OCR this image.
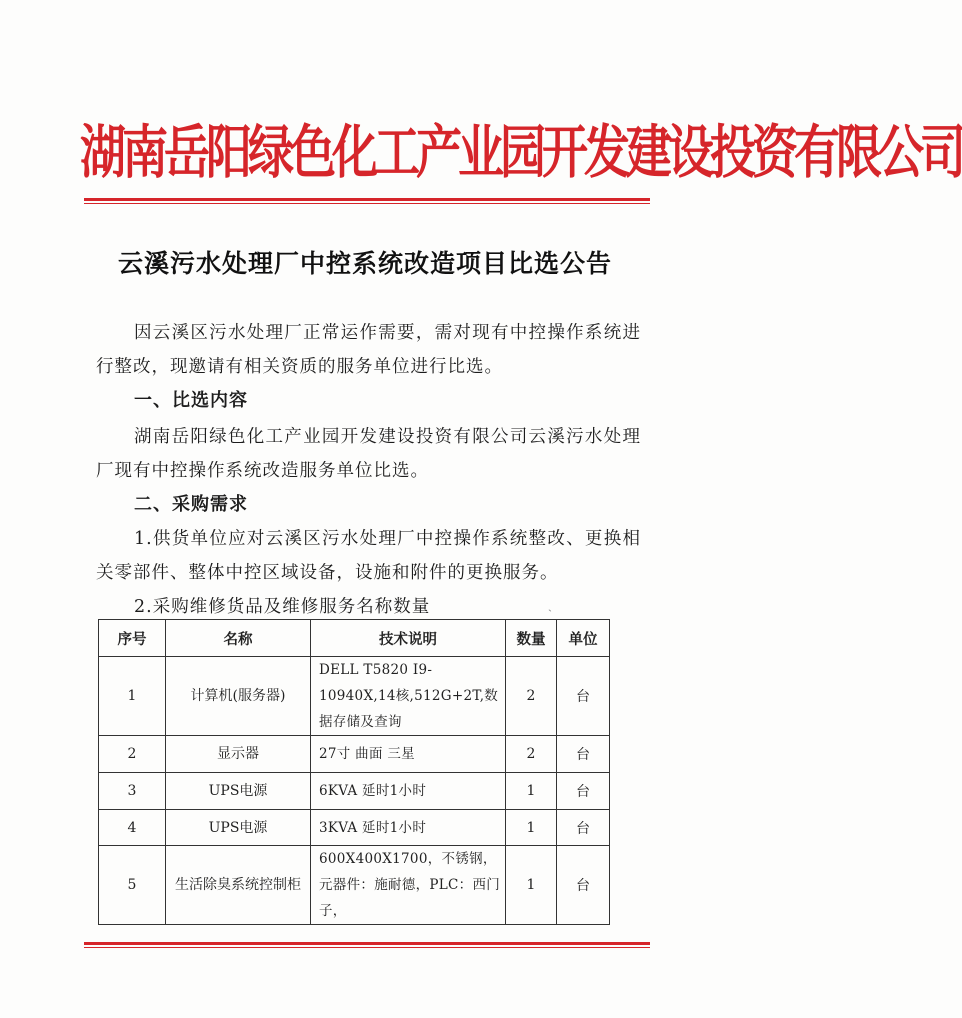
湖南岳阳绿色化工产业园开发建设投资有限公司
云溪污水处理厂中控系统改造项目比选公告
因云溪区污水处理厂正常运作需要，需对现有中控操作系统进行整改，现邀请有相关资质的服务单位进行比选。
一、比选内容
湖南岳阳绿色化工产业园开发建设投资有限公司云溪污水处理厂现有中控操作系统改造服务单位比选。
二、采购需求
1.供货单位应对云溪区污水处理厂中控操作系统整改、更换相关零部件、整体中控区域设备，设施和附件的更换服务。
2.采购维修货品及维修服务名称数量	ˏ
序号	名称	技术说明	数量	单位
1	计算机(服务器)	DELL T5820 I9-10940X,14核,512G+2T,数据存储及查询	2	台
2	显示器	27寸 曲面 三星	2	台
3	UPS电源	6KVA 延时1小时	1	台
4	UPS电源	3KVA 延时1小时	1	台
5	生活除臭系统控制柜	600X400X1700，不锈钢，元器件：施耐德，PLC：西门子，	1	台
